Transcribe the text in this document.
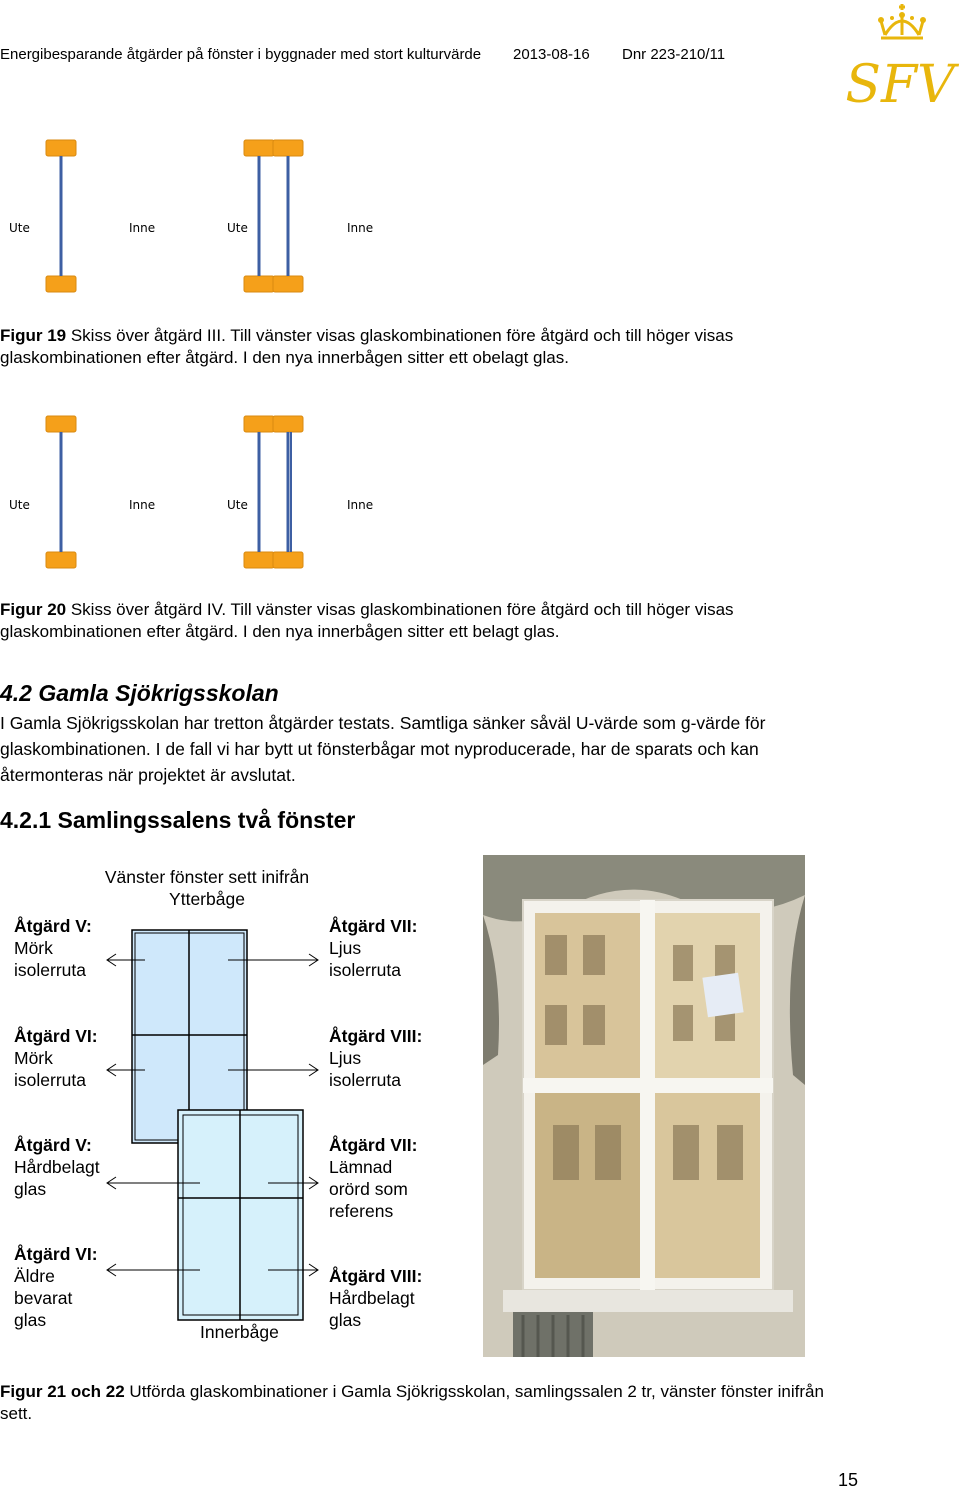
Energibesparande åtgärder på fönster i byggnader med stort kulturvärde 2013-08-16 Dnr 223-210/11
SFV
Ute	Inne	Ute	Inne
Figur 19 Skiss över åtgärd III. Till vänster visas glaskombinationen före åtgärd och till höger visas glaskombinationen efter åtgärd. I den nya innerbågen sitter ett obelagt glas.
Ute	Inne	Ute	Inne
Figur 20 Skiss över åtgärd IV. Till vänster visas glaskombinationen före åtgärd och till höger visas glaskombinationen efter åtgärd. I den nya innerbågen sitter ett belagt glas.
4.2 Gamla Sjökrigsskolan
I Gamla Sjökrigsskolan har tretton åtgärder testats. Samtliga sänker såväl U-värde som g-värde för glaskombinationen. I de fall vi har bytt ut fönsterbågar mot nyproducerade, har de sparats och kan återmonteras när projektet är avslutat.
4.2.1 Samlingssalens två fönster
Vänster fönster sett inifrån
Ytterbåge
Åtgärd V:
Mörk
isolerruta
Åtgärd VI:
Mörk
isolerruta
Åtgärd V:
Hårdbelagt
glas
Åtgärd VI:
Äldre
bevarat
glas
Åtgärd VII:
Ljus
isolerruta
Åtgärd VIII:
Ljus
isolerruta
Åtgärd VII:
Lämnad
orörd som
referens
Åtgärd VIII:
Hårdbelagt
glas
Innerbåge
Figur 21 och 22 Utförda glaskombinationer i Gamla Sjökrigsskolan, samlingssalen 2 tr, vänster fönster inifrån sett.
15
